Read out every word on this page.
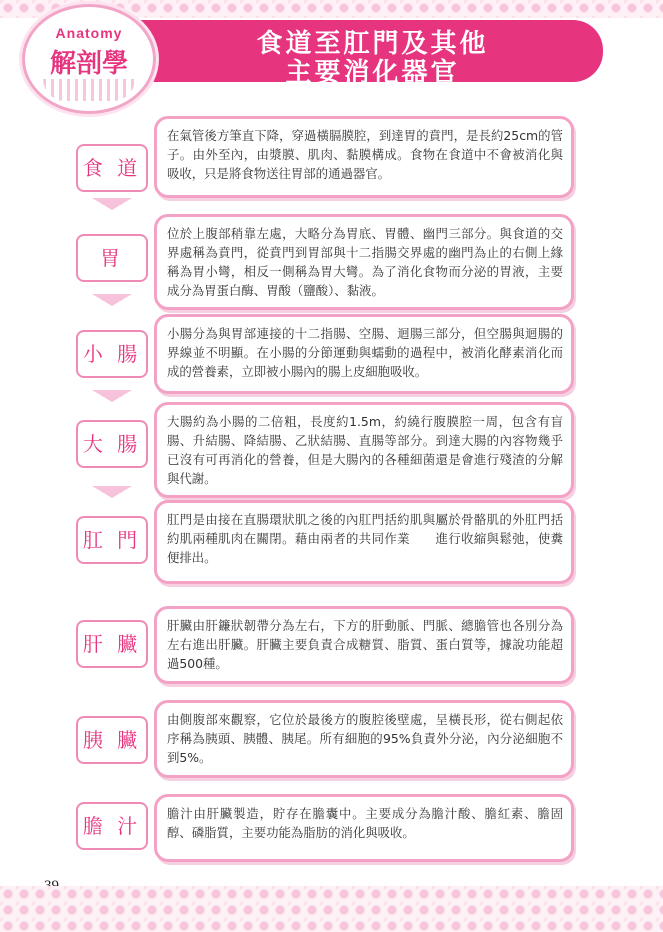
食道至肛門及其他
主要消化器官
Anatomy
解剖學
食 道
在氣管後方筆直下降，穿過橫膈膜腔，到達胃的賁門，是長約25cm的管子。由外至內，由漿膜、肌肉、黏膜構成。食物在食道中不會被消化與吸收，只是將食物送往胃部的通過器官。
胃
位於上腹部稍靠左處，大略分為胃底、胃體、幽門三部分。與食道的交界處稱為賁門，從賁門到胃部與十二指腸交界處的幽門為止的右側上緣稱為胃小彎，相反一側稱為胃大彎。為了消化食物而分泌的胃液，主要成分為胃蛋白酶、胃酸（鹽酸）、黏液。
小 腸
小腸分為與胃部連接的十二指腸、空腸、迴腸三部分，但空腸與迴腸的界線並不明顯。在小腸的分節運動與蠕動的過程中，被消化酵素消化而成的營養素，立即被小腸內的腸上皮細胞吸收。
大 腸
大腸約為小腸的二倍粗，長度約1.5m，約繞行腹膜腔一周，包含有盲腸、升結腸、降結腸、乙狀結腸、直腸等部分。到達大腸的內容物幾乎已沒有可再消化的營養，但是大腸內的各種細菌還是會進行殘渣的分解與代謝。
肛 門
肛門是由接在直腸環狀肌之後的內肛門括約肌與屬於骨骼肌的外肛門括約肌兩種肌肉在關閉。藉由兩者的共同作業　　進行收縮與鬆弛，使糞便排出。
肝 臟
肝臟由肝鐮狀韌帶分為左右，下方的肝動脈、門脈、總膽管也各別分為左右進出肝臟。肝臟主要負責合成糖質、脂質、蛋白質等，據說功能超過500種。
胰 臟
由側腹部來觀察，它位於最後方的腹腔後壁處，呈橫長形，從右側起依序稱為胰頭、胰體、胰尾。所有細胞的95%負責外分泌，內分泌細胞不到5%。
膽 汁
膽汁由肝臟製造，貯存在膽囊中。主要成分為膽汁酸、膽紅素、膽固醇、磷脂質，主要功能為脂肪的消化與吸收。
